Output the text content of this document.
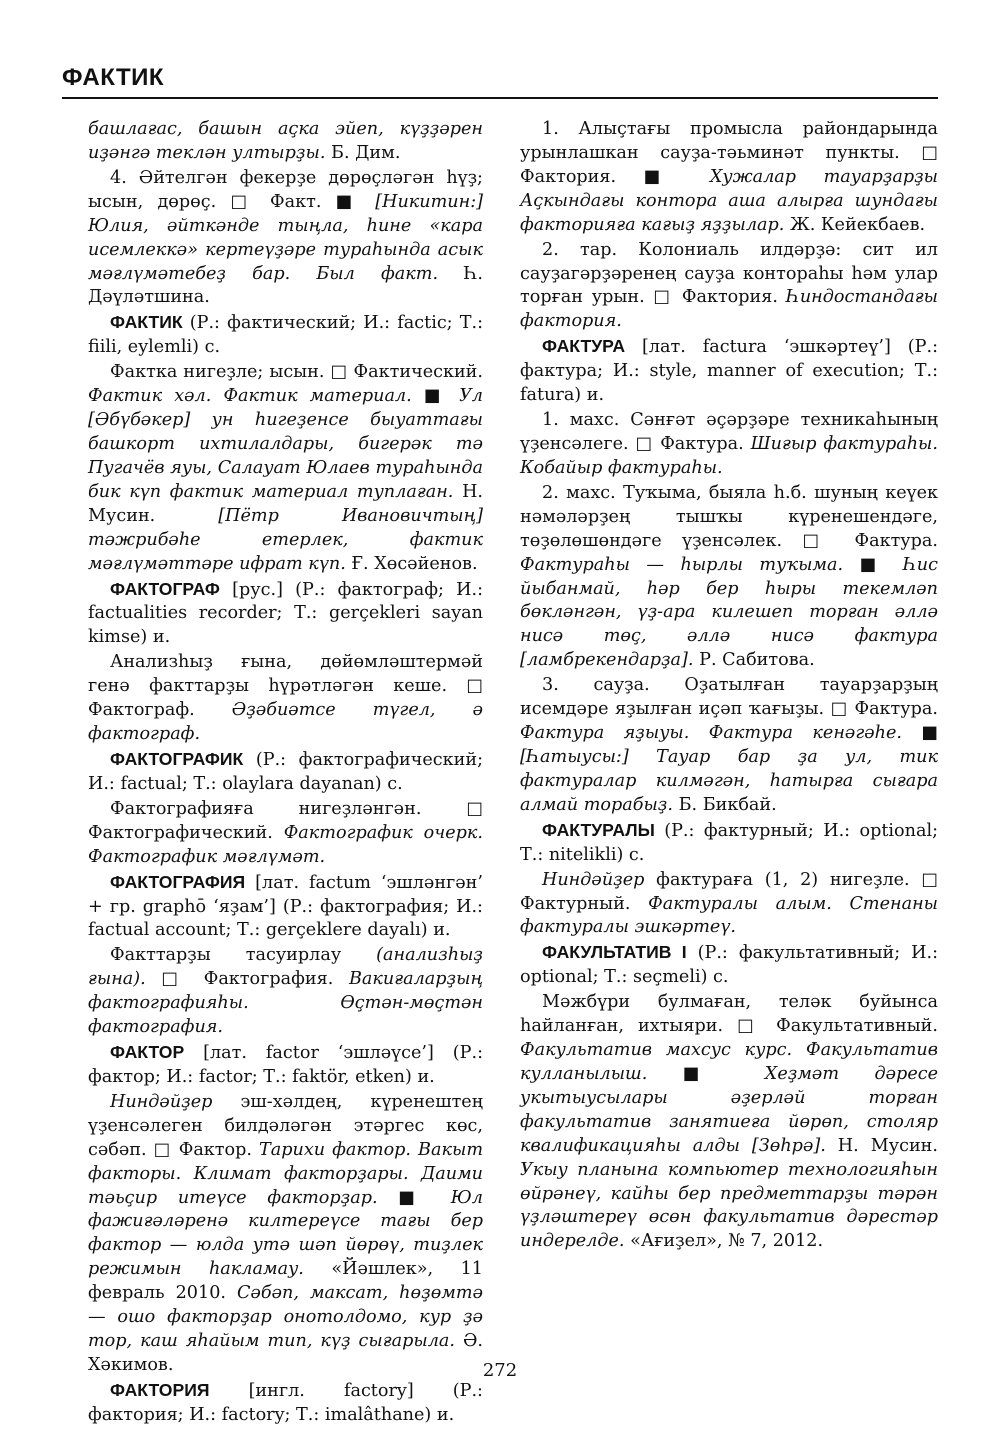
ФАКТИК

башлағас, башын аҫка эйеп, күҙҙәрен иҙәнгә теклән ултырҙы. Б. Дим.

4. Әйтелгән фекерҙе дөрөҫләгән һүҙ; ысын, дөрөҫ. □ Факт. ■ [Никитин:] Юлия, әйткәнде тыңла, һине «кара исемлеккә» кертеүҙәре тураһында асык мәғлүмәтебеҙ бар. Был факт. Һ. Дәүләтшина.

ФАКТИК (Р.: фактический; И.: factic; Т.: fiili, eylemli) с.

Фактка нигеҙле; ысын. □ Фактический. Фактик хәл. Фактик материал. ■ Ул [Әбүбәкер] ун һигеҙенсе быуаттағы башкорт ихтилалдары, бигерәк тә Пугачёв яуы, Салауат Юлаев тураһында бик күп фактик материал туплаған. Н. Мусин. [Пётр Ивановичтың] тәжрибәһе етерлек, фактик мәғлүмәттәре ифрат күп. Ғ. Хөсәйенов.

ФАКТОГРАФ [рус.] (Р.: фактограф; И.: factualities recorder; Т.: gerçekleri sayan kimse) и.

Анализһыҙ ғына, дөйөмләштермәй генә факттарҙы һүрәтләгән кеше. □ Фактограф. Әҙәбиәтсе түгел, ә фактограф.

ФАКТОГРАФИК (Р.: фактографический; И.: factual; Т.: olaylara dayanan) с.

Фактографияға нигеҙләнгән. □ Фактографический. Фактографик очерк. Фактографик мәғлүмәт.

ФАКТОГРАФИЯ [лат. factum ‘эшләнгән’ + гр. graphō ‘яҙам’] (Р.: фактография; И.: factual account; Т.: gerçeklere dayalı) и.

Факттарҙы тасуирлау (анализһыҙ ғына). □ Фактография. Вакиғаларҙың фактографияһы. Өҫтән-мөҫтән фактография.

ФАКТОР [лат. factor ‘эшләүсе’] (Р.: фактор; И.: factor; Т.: faktör, etken) и.

Ниндәйҙер эш-хәлдең, күренештең үҙенсәлеген билдәләгән этәргес көс, сәбәп. □ Фактор. Тарихи фактор. Вакыт факторы. Климат факторҙары. Даими тәьҫир итеүсе факторҙар. ■	Юл фажиғәләренә килтереүсе тағы бер фактор — юлда утә шәп йөрөү, тиҙлек режимын һакламау. «Йәшлек», 11 февраль 2010. Сәбәп, максат, һөҙөмтә — ошо факторҙар онотолдомо, кур ҙә тор, каш яһайым тип, күҙ сығарыла. Ә. Хәкимов.

ФАКТОРИЯ [ингл. factory] (Р.: фактория; И.: factory; Т.: imalâthane) и.

1. Алыҫтағы промысла райондарында урынлашкан сауҙа-тәьминәт пункты. □ Фактория. ■	Хужалар тауарҙарҙы Аҫкындағы контора аша алырға шундағы факторияға кағыҙ яҙҙылар. Ж. Кейекбаев.

2. тар. Колониаль илдәрҙә: сит ил сауҙагәрҙәренең сауҙа контораһы һәм улар торған урын. □ Фактория. Һиндостандағы фактория.

ФАКТУРА [лат. factura ‘эшкәртеү’] (Р.: фактура; И.: style, manner of execution; Т.: fatura) и.

1. махс. Сәнғәт әҫәрҙәре техникаһының үҙенсәлеге. □ Фактура. Шиғыр фактураһы. Кобайыр фактураһы.

2. махс. Туҡыма, быяла һ.б. шуның кеүек нәмәләрҙең тышҡы күренешендәге, төҙөлөшөндәге үҙенсәлек. □ Фактура. Фактураһы — һырлы туҡыма. ■	Һис йыбанмай, һәр бер һыры текемләп бөкләнгән, үҙ-ара килешеп торған әллә нисә төҫ, әллә нисә фактура [ламбрекендарҙа]. Р. Сабитова.

3. сауҙа. Оҙатылған тауарҙарҙың исемдәре яҙылған иҫәп ҡағыҙы. □ Фактура. Фактура яҙыуы. Фактура кенәгәһе. ■ [Һатыусы:] Тауар бар ҙа ул, тик фактуралар килмәгән, һатырға сығара алмай торабыҙ. Б. Бикбай.

ФАКТУРАЛЫ (Р.: фактурный; И.: optional; Т.: nitelikli) с.

Ниндәйҙер фактураға (1, 2) нигеҙле. □ Фактурный. Фактуралы алым. Стенаны фактуралы эшкәртеү.

ФАКУЛЬТАТИВ I (Р.: факультативный; И.: optional; Т.: seçmeli) с.

Мәжбүри булмаған, теләк буйынса һайланған, ихтыяри. □ Факультативный. Факультатив махсус курс. Факультатив кулланылыш. ■	Хеҙмәт дәресе укытыусылары әҙерләй торған факультатив занятиеға йөрөп, столяр квалификацияһы алды [Зөһрә]. Н. Мусин. Укыу планына компьютер технологияһын өйрәнеү, кайһы бер предметтарҙы тәрән үҙләштереү өсөн факультатив дәрестәр индерелде. «Ағиҙел», № 7, 2012.

272
